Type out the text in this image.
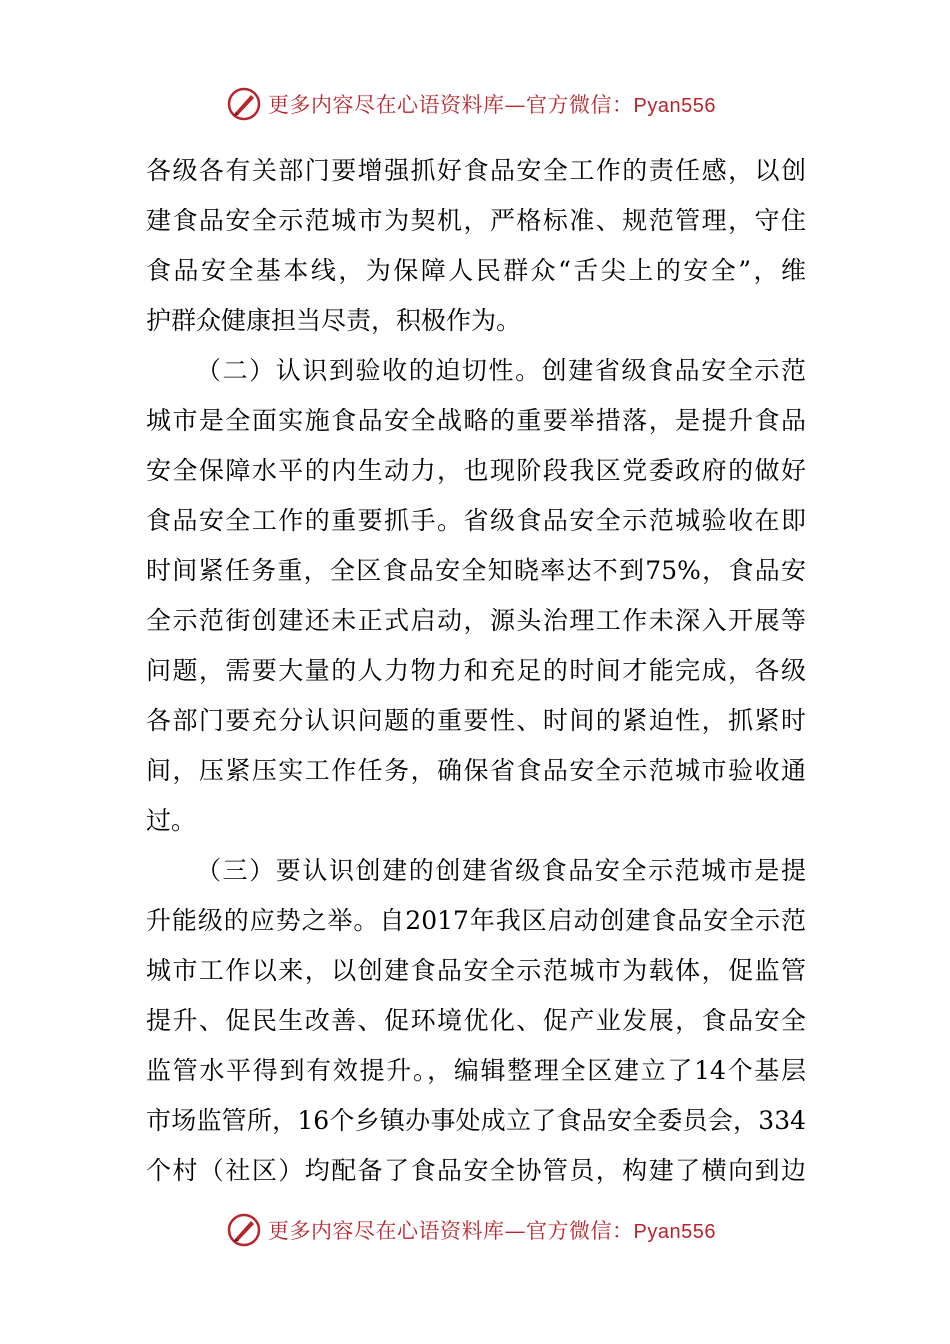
更多内容尽在心语资料库—官方微信：Pyan556
各级各有关部门要增强抓好食品安全工作的责任感，以创
建食品安全示范城市为契机，严格标准、规范管理，守住
食品安全基本线，为保障人民群众“舌尖上的安全”，维
护群众健康担当尽责，积极作为。
（二）认识到验收的迫切性。创建省级食品安全示范
城市是全面实施食品安全战略的重要举措落，是提升食品
安全保障水平的内生动力，也现阶段我区党委政府的做好
食品安全工作的重要抓手。省级食品安全示范城验收在即
时间紧任务重，全区食品安全知晓率达不到75%，食品安
全示范街创建还未正式启动，源头治理工作未深入开展等
问题，需要大量的人力物力和充足的时间才能完成，各级
各部门要充分认识问题的重要性、时间的紧迫性，抓紧时
间，压紧压实工作任务，确保省食品安全示范城市验收通
过。
（三）要认识创建的创建省级食品安全示范城市是提
升能级的应势之举。自2017年我区启动创建食品安全示范
城市工作以来，以创建食品安全示范城市为载体，促监管
提升、促民生改善、促环境优化、促产业发展，食品安全
监管水平得到有效提升。，编辑整理全区建立了14个基层
市场监管所，16个乡镇办事处成立了食品安全委员会，334
个村（社区）均配备了食品安全协管员，构建了横向到边
更多内容尽在心语资料库—官方微信：Pyan556
